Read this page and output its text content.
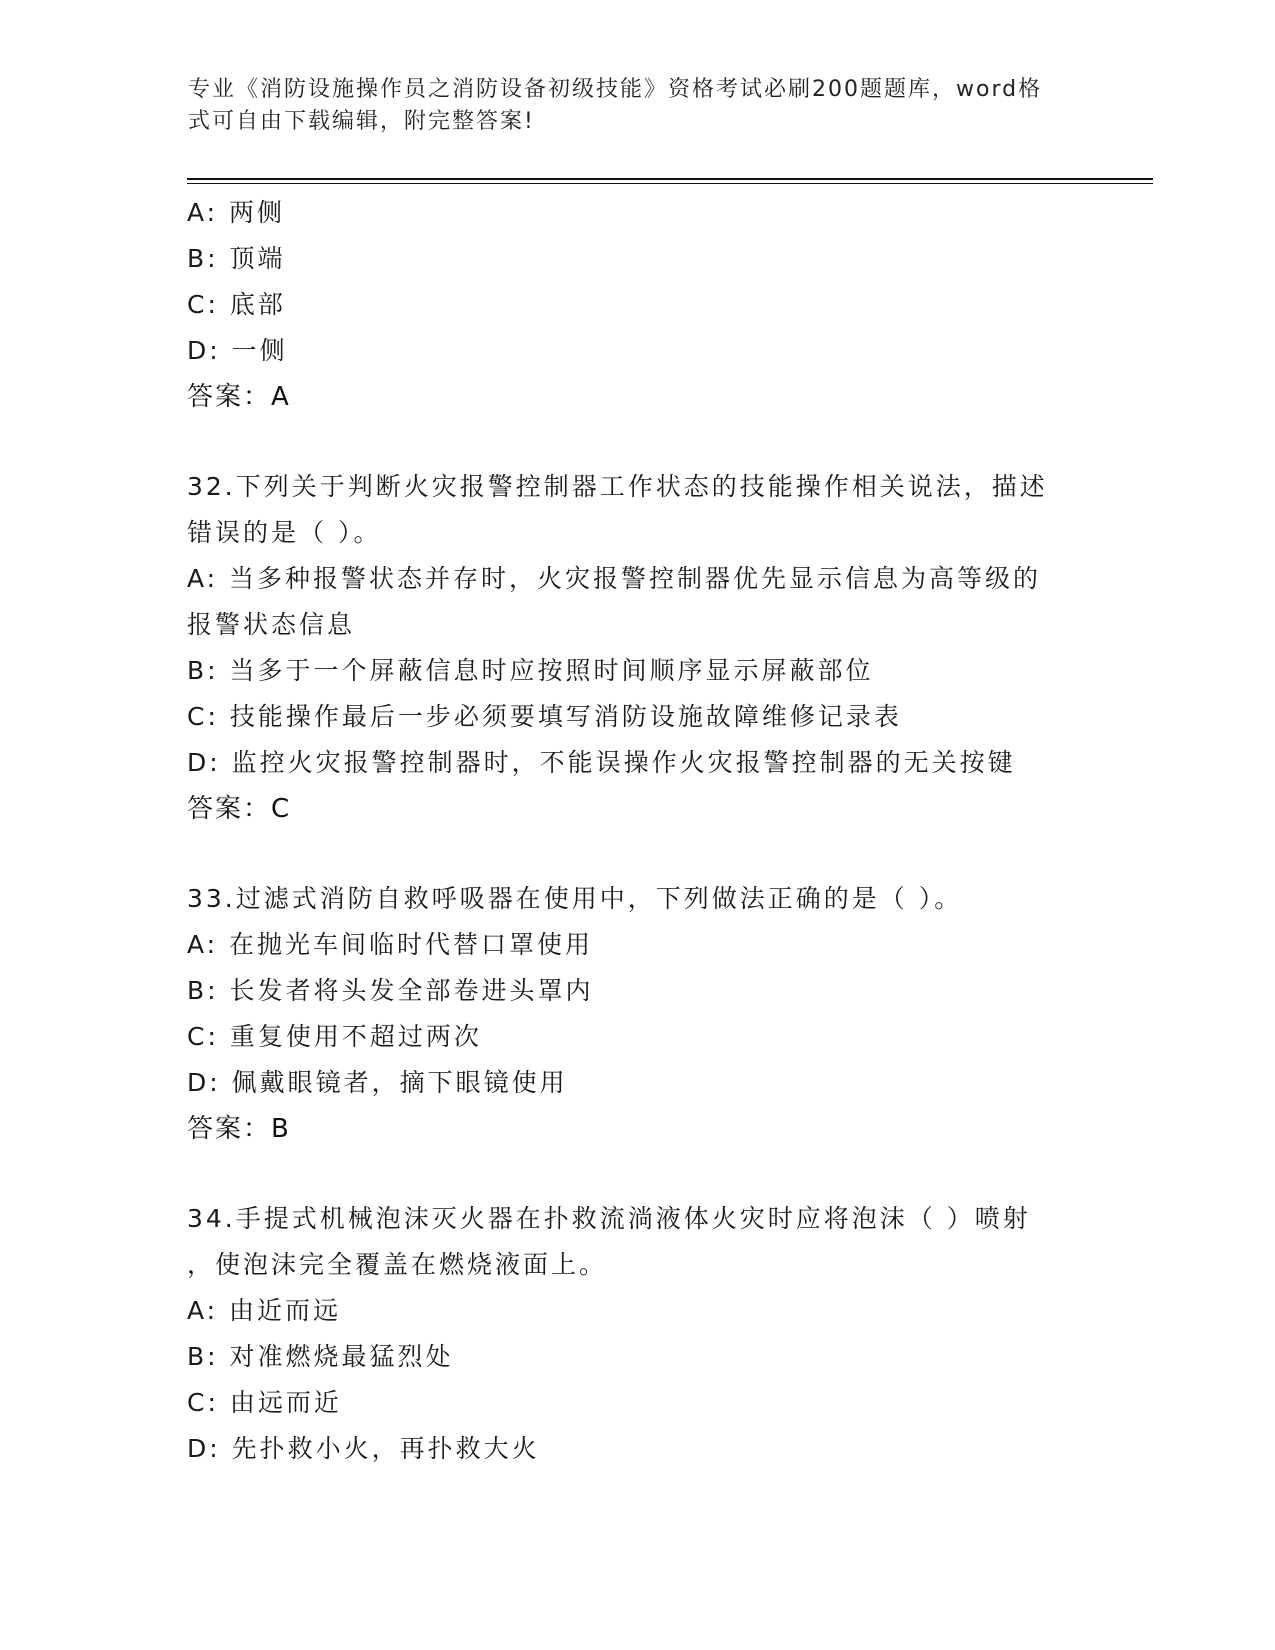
专业《消防设施操作员之消防设备初级技能》资格考试必刷200题题库，word格
式可自由下载编辑，附完整答案!
A: 两侧
B: 顶端
C: 底部
D: 一侧
答案：A
32.下列关于判断火灾报警控制器工作状态的技能操作相关说法，描述
错误的是（ ）。
A: 当多种报警状态并存时，火灾报警控制器优先显示信息为高等级的
报警状态信息
B: 当多于一个屏蔽信息时应按照时间顺序显示屏蔽部位
C: 技能操作最后一步必须要填写消防设施故障维修记录表
D: 监控火灾报警控制器时，不能误操作火灾报警控制器的无关按键
答案：C
33.过滤式消防自救呼吸器在使用中，下列做法正确的是（ ）。
A: 在抛光车间临时代替口罩使用
B: 长发者将头发全部卷进头罩内
C: 重复使用不超过两次
D: 佩戴眼镜者，摘下眼镜使用
答案：B
34.手提式机械泡沫灭火器在扑救流淌液体火灾时应将泡沫（ ）喷射
，使泡沫完全覆盖在燃烧液面上。
A: 由近而远
B: 对准燃烧最猛烈处
C: 由远而近
D: 先扑救小火，再扑救大火
